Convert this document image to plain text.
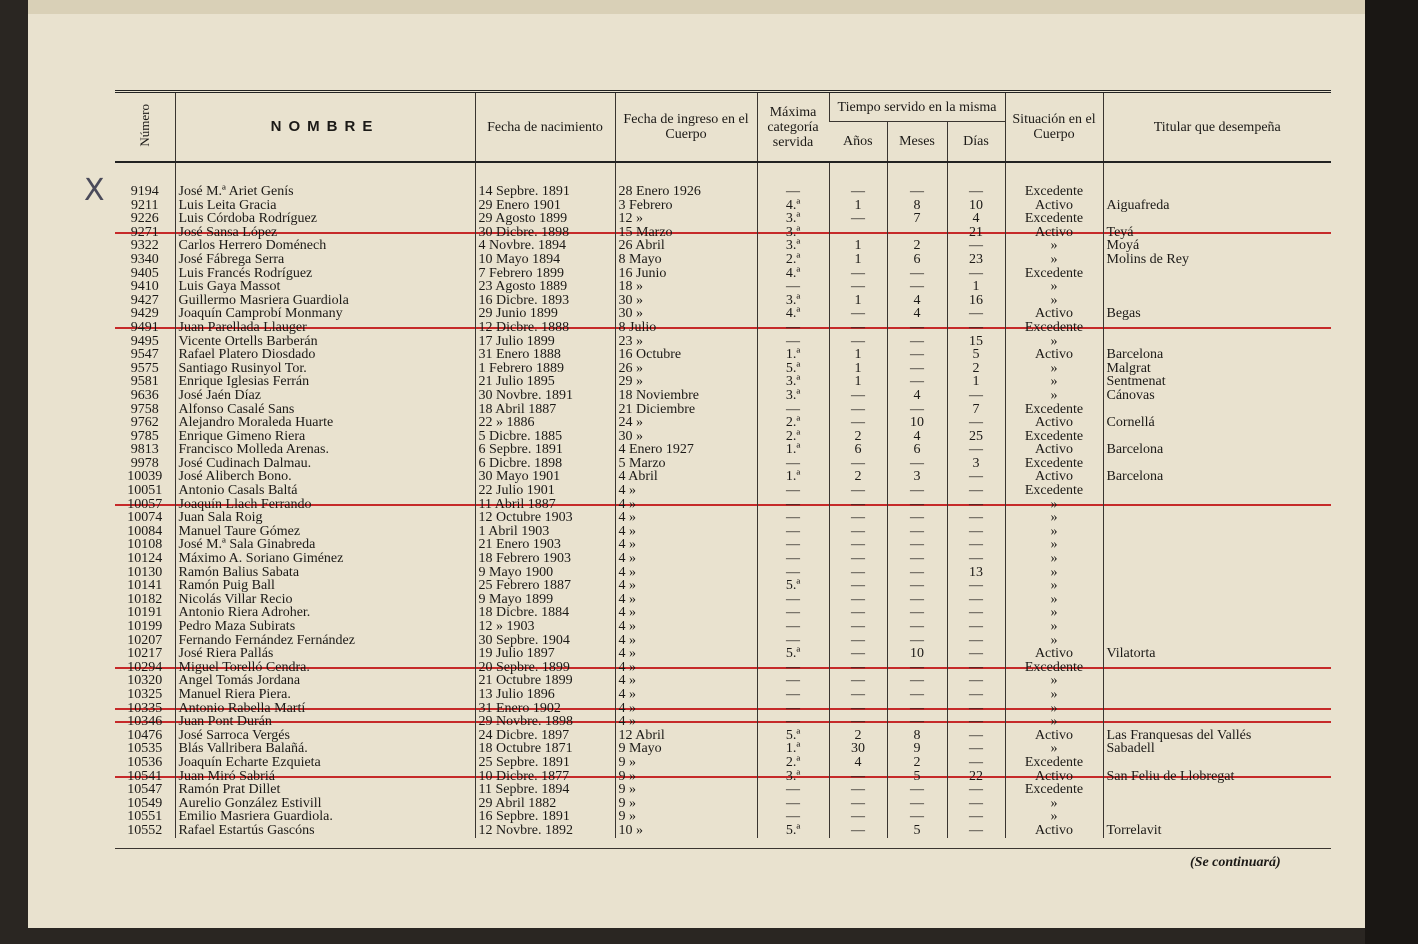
X
Número	NOMBRE	Fecha de nacimiento	Fecha de ingreso en el Cuerpo	Máxima categoría servida	Tiempo servido en la misma			Situación en el Cuerpo	Titular que desempeña
					Años	Meses	Días		

9194	José M.ª Ariet Genís	14 Sepbre. 1891	28 Enero 1926	—	—	—	—	Excedente	
9211	Luis Leita Gracia	29 Enero 1901	3 Febrero	4.ª	1	8	10	Activo	Aiguafreda
9226	Luis Córdoba Rodríguez	29 Agosto 1899	12 »	3.ª	—	7	4	Excedente	
9271	José Sansa López	30 Dicbre. 1898	15 Marzo	3.ª			21	Activo	Teyá
9322	Carlos Herrero Doménech	4 Novbre. 1894	26 Abril	3.ª	1	2	—	»	Moyá
9340	José Fábrega Serra	10 Mayo 1894	8 Mayo	2.ª	1	6	23	»	Molins de Rey
9405	Luis Francés Rodríguez	7 Febrero 1899	16 Junio	4.ª	—	—	—	Excedente	
9410	Luis Gaya Massot	23 Agosto 1889	18 »	—	—	—	1	»	
9427	Guillermo Masriera Guardiola	16 Dicbre. 1893	30 »	3.ª	1	4	16	»	
9429	Joaquín Camprobí Monmany	29 Junio 1899	30 »	4.ª	—	4	—	Activo	Begas
9491	Juan Parellada Llauger	12 Dicbre. 1888	8 Julio	—	—	—	—	Excedente	
9495	Vicente Ortells Barberán	17 Julio 1899	23 »	—	—	—	15	»	
9547	Rafael Platero Diosdado	31 Enero 1888	16 Octubre	1.ª	1	—	5	Activo	Barcelona
9575	Santiago Rusinyol Tor.	1 Febrero 1889	26 »	5.ª	1	—	2	»	Malgrat
9581	Enrique Iglesias Ferrán	21 Julio 1895	29 »	3.ª	1	—	1	»	Sentmenat
9636	José Jaén Díaz	30 Novbre. 1891	18 Noviembre	3.ª	—	4	—	»	Cánovas
9758	Alfonso Casalé Sans	18 Abril 1887	21 Diciembre	—	—	—	7	Excedente	
9762	Alejandro Moraleda Huarte	22 » 1886	24 »	2.ª	—	10	—	Activo	Cornellá
9785	Enrique Gimeno Riera	5 Dicbre. 1885	30 »	2.ª	2	4	25	Excedente	
9813	Francisco Molleda Arenas.	6 Sepbre. 1891	4 Enero 1927	1.ª	6	6	—	Activo	Barcelona
9978	José Cudinach Dalmau.	6 Dicbre. 1898	5 Marzo	—	—	—	3	Excedente	
10039	José Aliberch Bono.	30 Mayo 1901	4 Abril	1.ª	2	3	—	Activo	Barcelona
10051	Antonio Casals Baltá	22 Julio 1901	4 »	—	—	—	—	Excedente	
10057	Joaquín Llach Ferrando	11 Abril 1887	4 »	—	—	—	—	»	
10074	Juan Sala Roig	12 Octubre 1903	4 »	—	—	—	—	»	
10084	Manuel Taure Gómez	1 Abril 1903	4 »	—	—	—	—	»	
10108	José M.ª Sala Ginabreda	21 Enero 1903	4 »	—	—	—	—	»	
10124	Máximo A. Soriano Giménez	18 Febrero 1903	4 »	—	—	—	—	»	
10130	Ramón Balius Sabata	9 Mayo 1900	4 »	—	—	—	13	»	
10141	Ramón Puig Ball	25 Febrero 1887	4 »	5.ª	—	—	—	»	
10182	Nicolás Villar Recio	9 Mayo 1899	4 »	—	—	—	—	»	
10191	Antonio Riera Adroher.	18 Dicbre. 1884	4 »	—	—	—	—	»	
10199	Pedro Maza Subirats	12 » 1903	4 »	—	—	—	—	»	
10207	Fernando Fernández Fernández	30 Sepbre. 1904	4 »	—	—	—	—	»	
10217	José Riera Pallás	19 Julio 1897	4 »	5.ª	—	10	—	Activo	Vilatorta
10294	Miguel Torelló Cendra.	20 Sepbre. 1899	4 »	—	—	—	—	Excedente	
10320	Angel Tomás Jordana	21 Octubre 1899	4 »	—	—	—	—	»	
10325	Manuel Riera Piera.	13 Julio 1896	4 »	—	—	—	—	»	
10335	Antonio Rabella Martí	31 Enero 1902	4 »	—	—	—	—	»	
10346	Juan Pont Durán	29 Novbre. 1898	4 »	—	—	—	—	»	
10476	José Sarroca Vergés	24 Dicbre. 1897	12 Abril	5.ª	2	8	—	Activo	Las Franquesas del Vallés
10535	Blás Vallribera Balañá.	18 Octubre 1871	9 Mayo	1.ª	30	9	—	»	Sabadell
10536	Joaquín Echarte Ezquieta	25 Sepbre. 1891	9 »	2.ª	4	2	—	Excedente	
10541	Juan Miró Sabriá	10 Dicbre. 1877	9 »	3.ª	—	5	22	Activo	San Feliu de Llobregat
10547	Ramón Prat Dillet	11 Sepbre. 1894	9 »	—	—	—	—	Excedente	
10549	Aurelio González Estivill	29 Abril 1882	9 »	—	—	—	—	»	
10551	Emilio Masriera Guardiola.	16 Sepbre. 1891	9 »	—	—	—	—	»	
10552	Rafael Estartús Gascóns	12 Novbre. 1892	10 »	5.ª	—	5	—	Activo	Torrelavit
(Se continuará)
